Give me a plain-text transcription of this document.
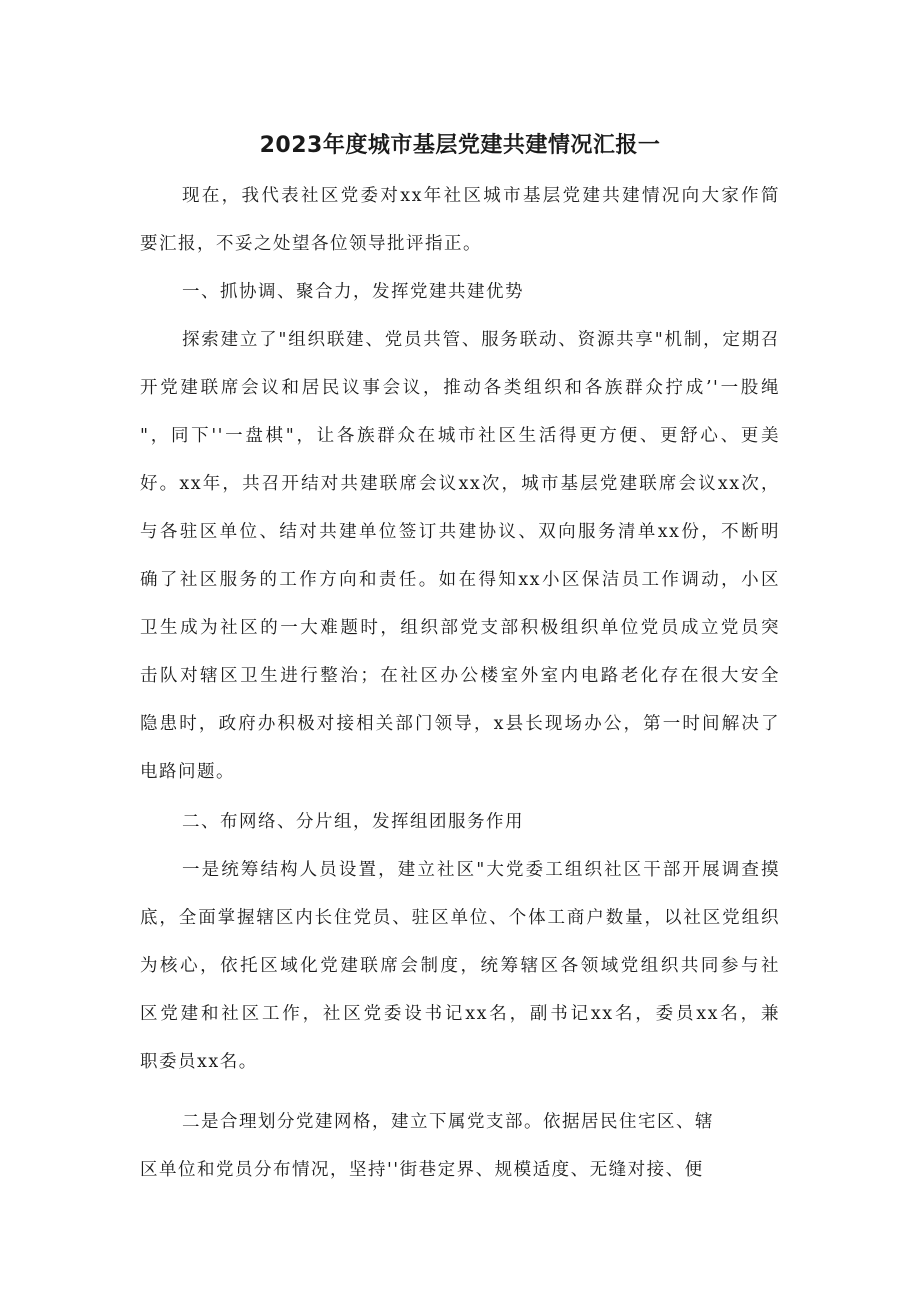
2023年度城市基层党建共建情况汇报一
现在，我代表社区党委对xx年社区城市基层党建共建情况向大家作简
要汇报，不妥之处望各位领导批评指正。
一、抓协调、聚合力，发挥党建共建优势
探索建立了"组织联建、党员共管、服务联动、资源共享"机制，定期召
开党建联席会议和居民议事会议，推动各类组织和各族群众拧成’'一股绳
"，同下''一盘棋"，让各族群众在城市社区生活得更方便、更舒心、更美
好。xx年，共召开结对共建联席会议xx次，城市基层党建联席会议xx次，
与各驻区单位、结对共建单位签订共建协议、双向服务清单xx份，不断明
确了社区服务的工作方向和责任。如在得知xx小区保洁员工作调动，小区
卫生成为社区的一大难题时，组织部党支部积极组织单位党员成立党员突
击队对辖区卫生进行整治；在社区办公楼室外室内电路老化存在很大安全
隐患时，政府办积极对接相关部门领导，x县长现场办公，第一时间解决了
电路问题。
二、布网络、分片组，发挥组团服务作用
一是统筹结构人员设置，建立社区"大党委工组织社区干部开展调查摸
底，全面掌握辖区内长住党员、驻区单位、个体工商户数量，以社区党组织
为核心，依托区域化党建联席会制度，统筹辖区各领域党组织共同参与社
区党建和社区工作，社区党委设书记xx名，副书记xx名，委员xx名，兼
职委员xx名。
二是合理划分党建网格，建立下属党支部。依据居民住宅区、辖
区单位和党员分布情况，坚持''街巷定界、规模适度、无缝对接、便
